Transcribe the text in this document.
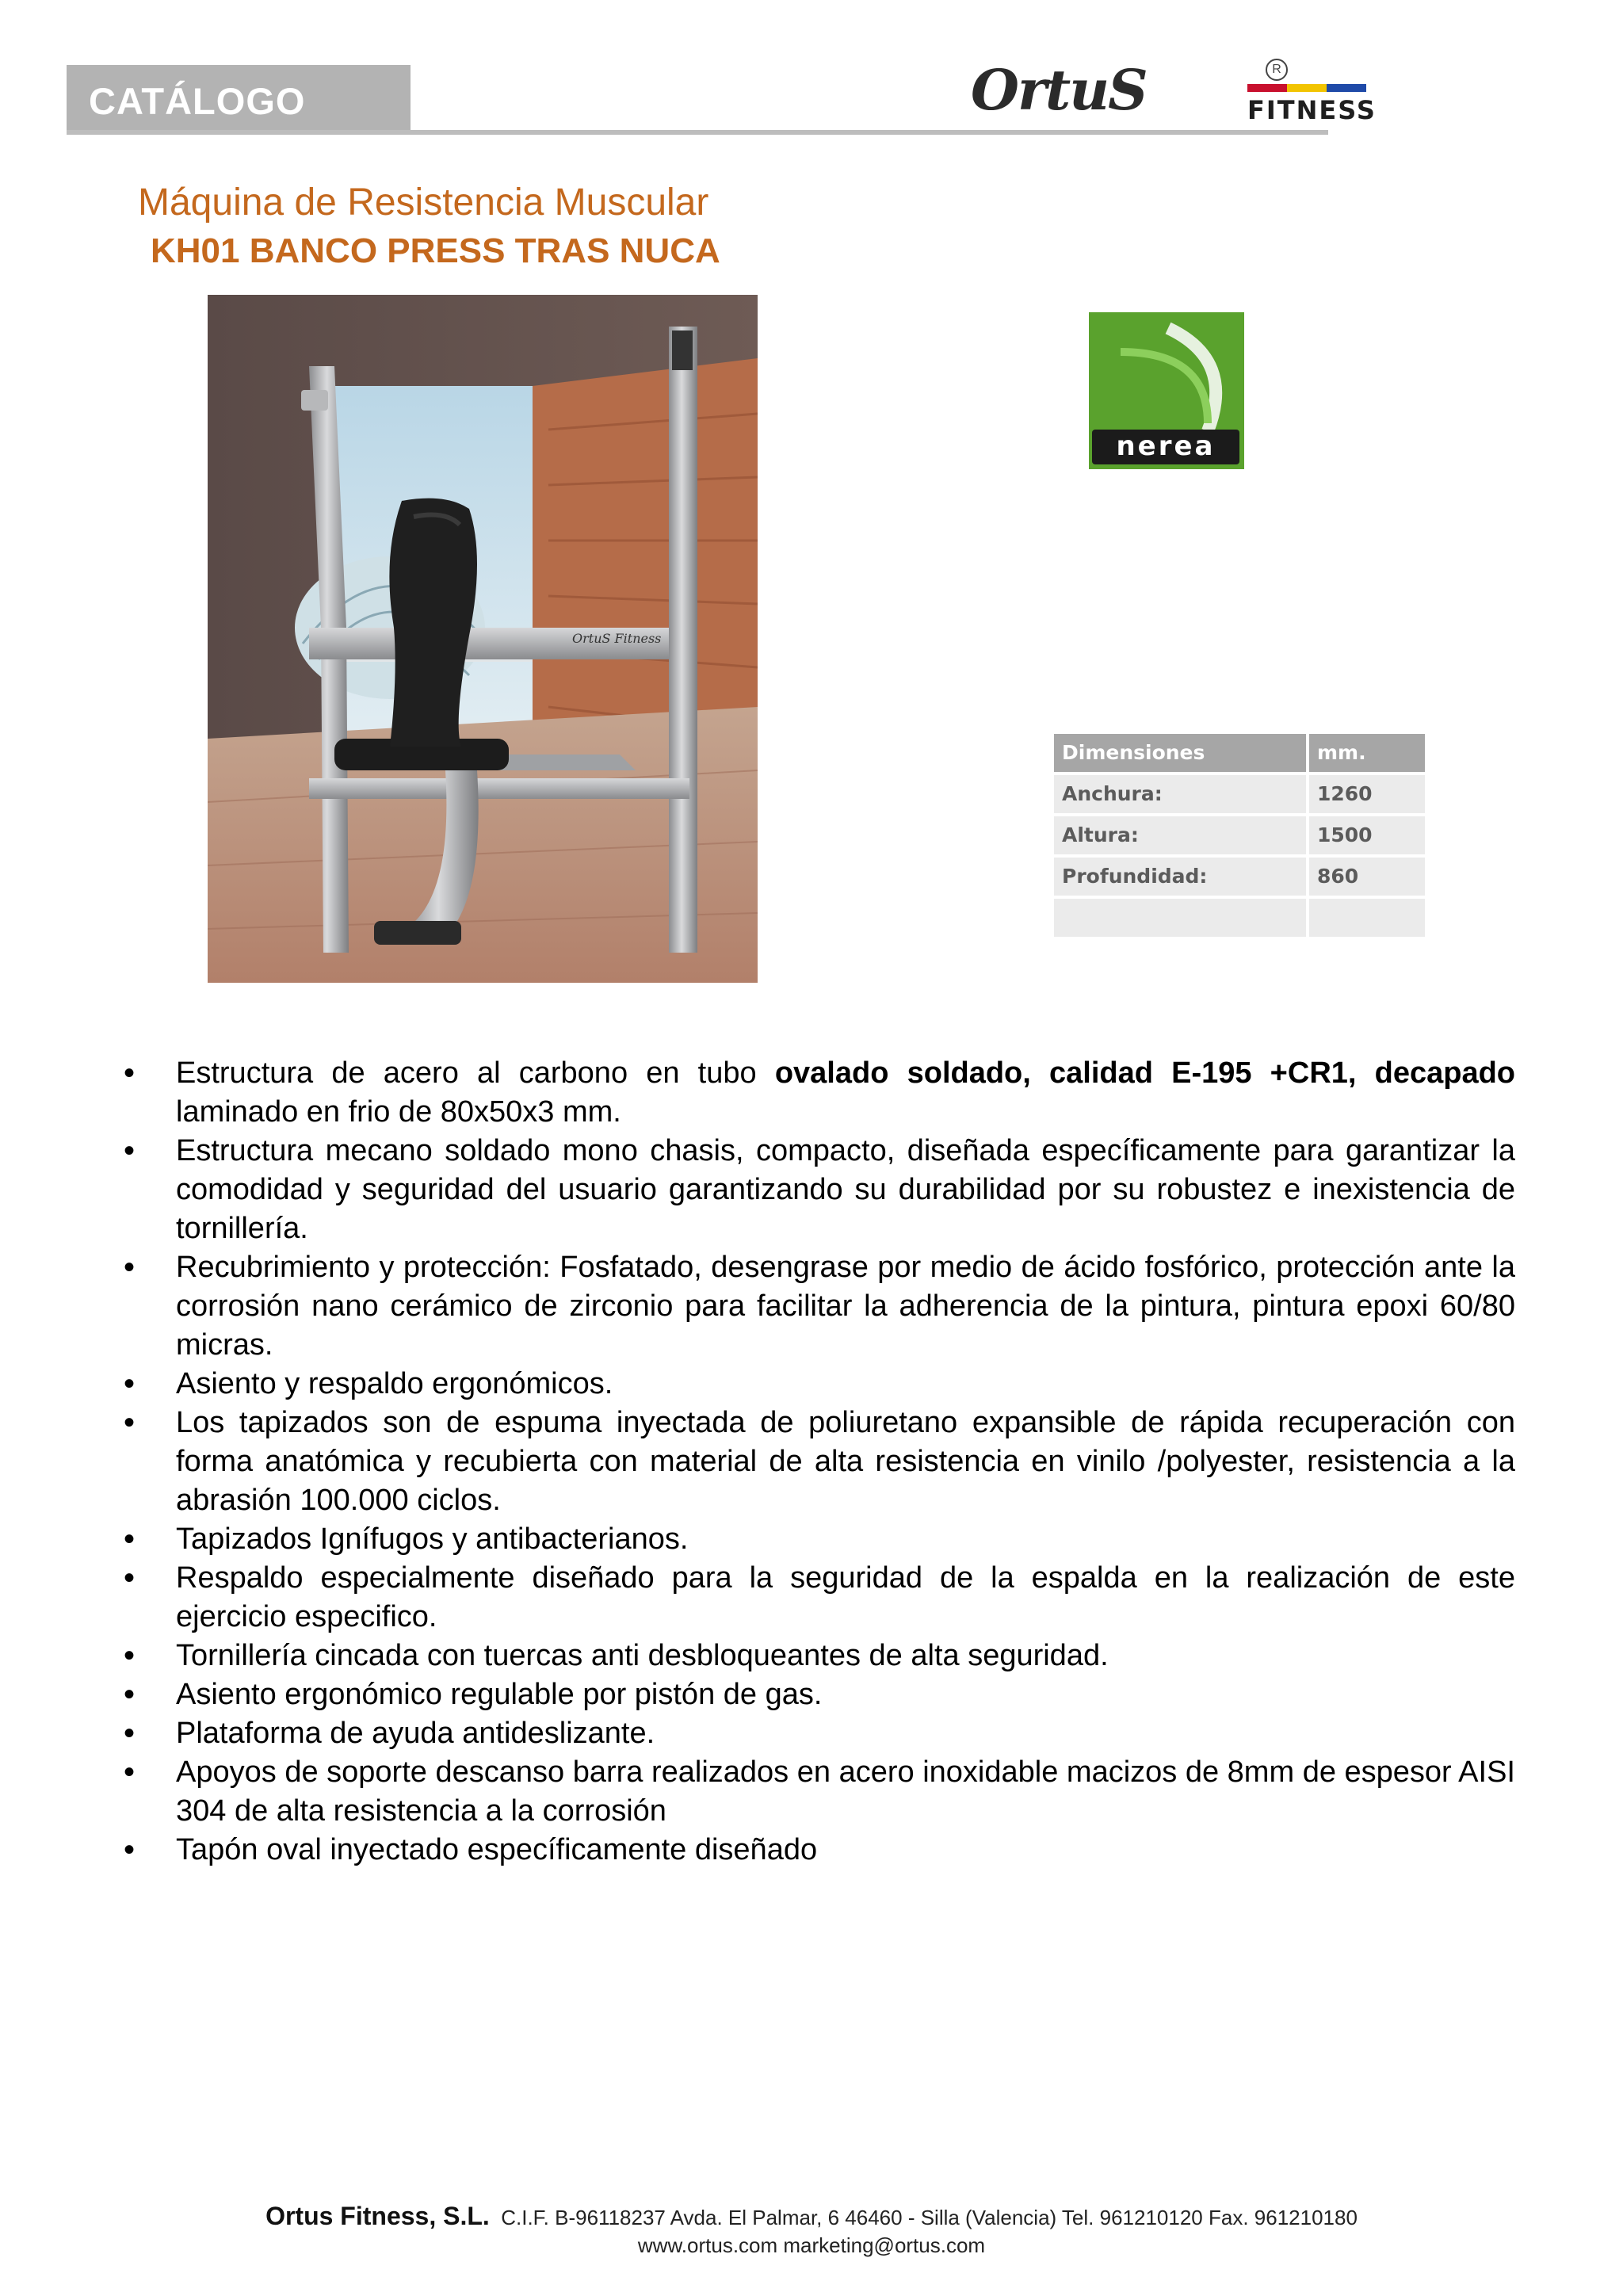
CATÁLOGO	OrtuS	R
FITNESS
Máquina de Resistencia Muscular
KH01 BANCO PRESS TRAS NUCA
OrtuS Fitness
nerea
Dimensiones	mm.
Anchura:	1260
Altura:	1500
Profundidad:	860
• Estructura de acero al carbono en tubo ovalado soldado, calidad E-195 +CR1, decapado laminado en frio de 80x50x3 mm.
• Estructura mecano soldado mono chasis, compacto, diseñada específicamente para garantizar la comodidad y seguridad del usuario garantizando su durabilidad por su robustez e inexistencia de tornillería.
• Recubrimiento y protección: Fosfatado, desengrase por medio de ácido fosfórico, protección ante la corrosión nano cerámico de zirconio para facilitar la adherencia de la pintura, pintura epoxi 60/80 micras.
• Asiento y respaldo ergonómicos.
• Los tapizados son de espuma inyectada de poliuretano expansible de rápida recuperación con forma anatómica y recubierta con material de alta resistencia en vinilo /polyester, resistencia a la abrasión 100.000 ciclos.
• Tapizados Ignífugos y antibacterianos.
• Respaldo especialmente diseñado para la seguridad de la espalda en la realización de este ejercicio especifico.
• Tornillería cincada con tuercas anti desbloqueantes de alta seguridad.
• Asiento ergonómico regulable por pistón de gas.
• Plataforma de ayuda antideslizante.
• Apoyos de soporte descanso barra realizados en acero inoxidable macizos de 8mm de espesor AISI 304 de alta resistencia a la corrosión
• Tapón oval inyectado específicamente diseñado
Ortus Fitness, S.L. C.I.F. B-96118237 Avda. El Palmar, 6 46460 - Silla (Valencia) Tel. 961210120 Fax. 961210180
www.ortus.com marketing@ortus.com
